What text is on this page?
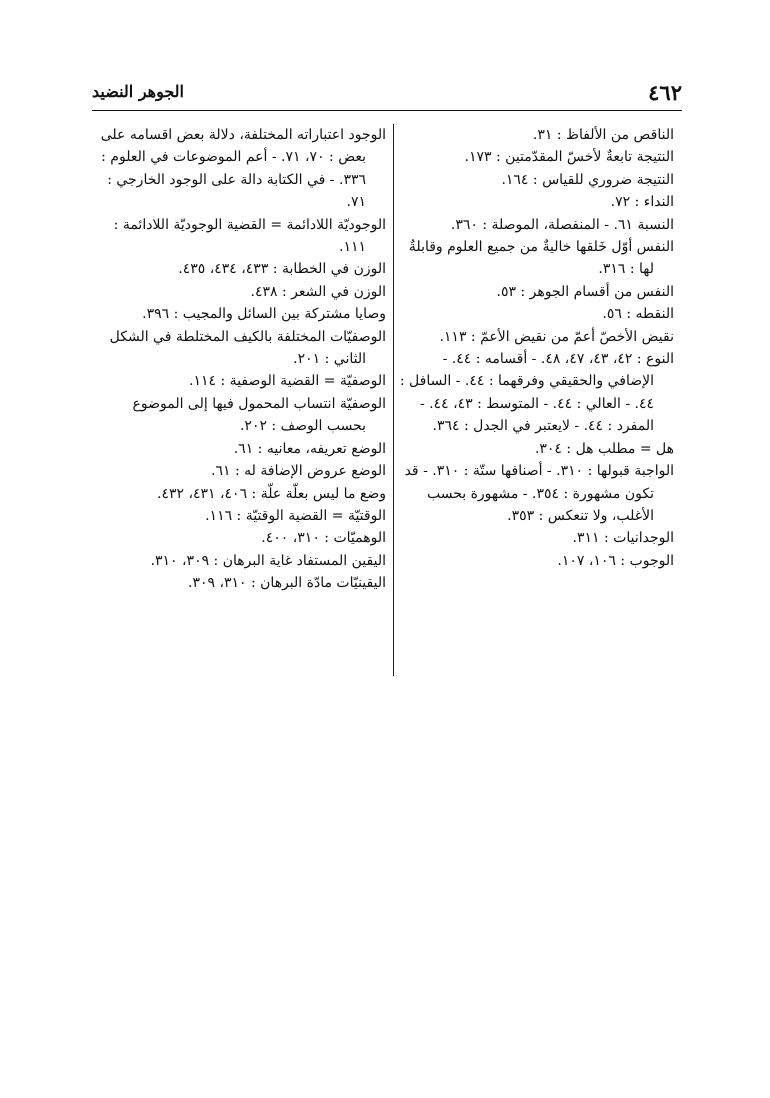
٤٦٢
الجوهر النضيد

الناقص من الألفاظ : ٣١.

النتيجة تابعةٌ لأخسّ المقدّمتين : ١٧٣.

النتيجة ضروري للقياس : ١٦٤.

النداء : ٧٢.

النسبة ٦١. - المنفصلة، الموصلة : ٣٦٠.

النفس أوّل خَلقها خاليةٌ من جميع العلوم وقابلةٌ لها : ٣١٦.

النفس من أقسام الجوهر : ٥٣.

النقطه : ٥٦.

نقيض الأخصّ أعمّ من نقيض الأعمّ : ١١٣.

النوع : ٤٢، ٤٣، ٤٧، ٤٨. - أقسامه : ٤٤. - الإضافي والحقيقي وفرقهما : ٤٤. - السافل : ٤٤. - العالي : ٤٤. - المتوسط : ٤٣، ٤٤. - المفرد : ٤٤. - لايعتبر في الجدل : ٣٦٤.

هل = مطلب هل : ٣٠٤.

الواجبة قبولها : ٣١٠. - أصنافها ستّة : ٣١٠. - قد تكون مشهورة : ٣٥٤. - مشهورة بحسب الأغلب، ولا تنعكس : ٣٥٣.

الوجدانيات : ٣١١.

الوجوب : ١٠٦، ١٠٧.

الوجود اعتباراته المختلفة، دلالة بعض اقسامه على بعض : ٧٠، ٧١. - أعم الموضوعات في العلوم : ٣٣٦. - في الكتابة دالة على الوجود الخارجي : ٧١.

الوجوديّة اللادائمة = القضية الوجوديّة اللادائمة : ١١١.

الوزن في الخطابة : ٤٣٣، ٤٣٤، ٤٣٥.

الوزن في الشعر : ٤٣٨.

وصايا مشتركة بين السائل والمجيب : ٣٩٦.

الوصفيّات المختلفة بالكيف المختلطة في الشكل الثاني : ٢٠١.

الوصفيّة = القضية الوصفية : ١١٤.

الوصفيّة انتساب المحمول فيها إلى الموضوع بحسب الوصف : ٢٠٢.

الوضع تعريفه، معانيه : ٦١.

الوضع عروض الإضافة له : ٦١.

وضع ما ليس بعلّة علّة : ٤٠٦، ٤٣١، ٤٣٢.

الوقتيّة = القضية الوقتيّة : ١١٦.

الوهميّات : ٣١٠، ٤٠٠.

اليقين المستفاد غاية البرهان : ٣٠٩، ٣١٠.

اليقينيّات مادّة البرهان : ٣١٠، ٣٠٩.
